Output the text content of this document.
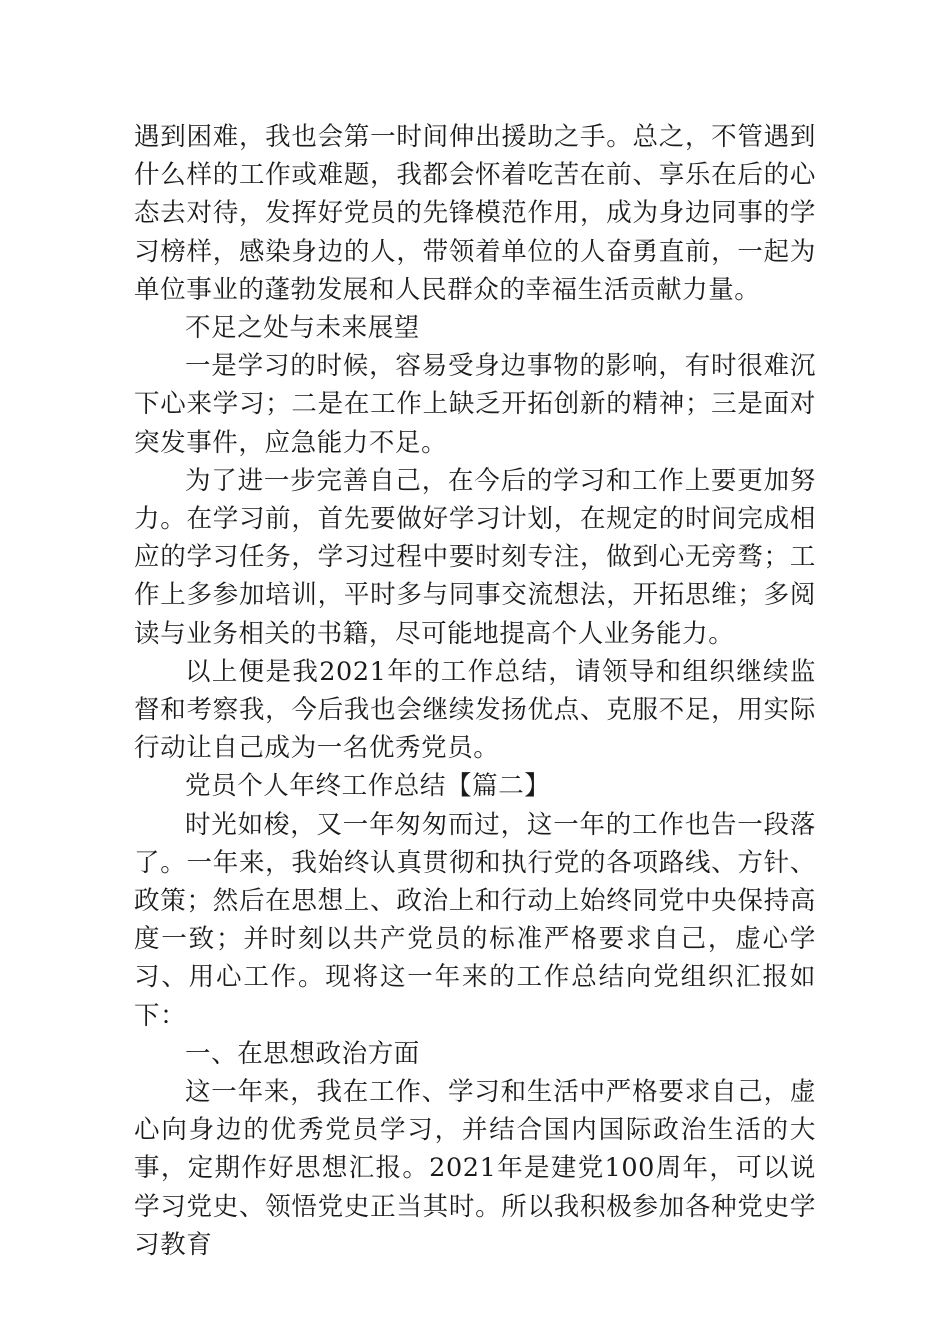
遇到困难，我也会第一时间伸出援助之手。总之，不管遇到什么样的工作或难题，我都会怀着吃苦在前、享乐在后的心态去对待，发挥好党员的先锋模范作用，成为身边同事的学习榜样，感染身边的人，带领着单位的人奋勇直前，一起为单位事业的蓬勃发展和人民群众的幸福生活贡献力量。

不足之处与未来展望

一是学习的时候，容易受身边事物的影响，有时很难沉下心来学习；二是在工作上缺乏开拓创新的精神；三是面对突发事件，应急能力不足。

为了进一步完善自己，在今后的学习和工作上要更加努力。在学习前，首先要做好学习计划，在规定的时间完成相应的学习任务，学习过程中要时刻专注，做到心无旁骛；工作上多参加培训，平时多与同事交流想法，开拓思维；多阅读与业务相关的书籍，尽可能地提高个人业务能力。

以上便是我2021年的工作总结，请领导和组织继续监督和考察我，今后我也会继续发扬优点、克服不足，用实际行动让自己成为一名优秀党员。

党员个人年终工作总结【篇二】

时光如梭，又一年匆匆而过，这一年的工作也告一段落了。一年来，我始终认真贯彻和执行党的各项路线、方针、政策；然后在思想上、政治上和行动上始终同党中央保持高度一致；并时刻以共产党员的标准严格要求自己，虚心学习、用心工作。现将这一年来的工作总结向党组织汇报如下：

一、在思想政治方面

这一年来，我在工作、学习和生活中严格要求自己，虚心向身边的优秀党员学习，并结合国内国际政治生活的大事，定期作好思想汇报。2021年是建党100周年，可以说学习党史、领悟党史正当其时。所以我积极参加各种党史学习教育
